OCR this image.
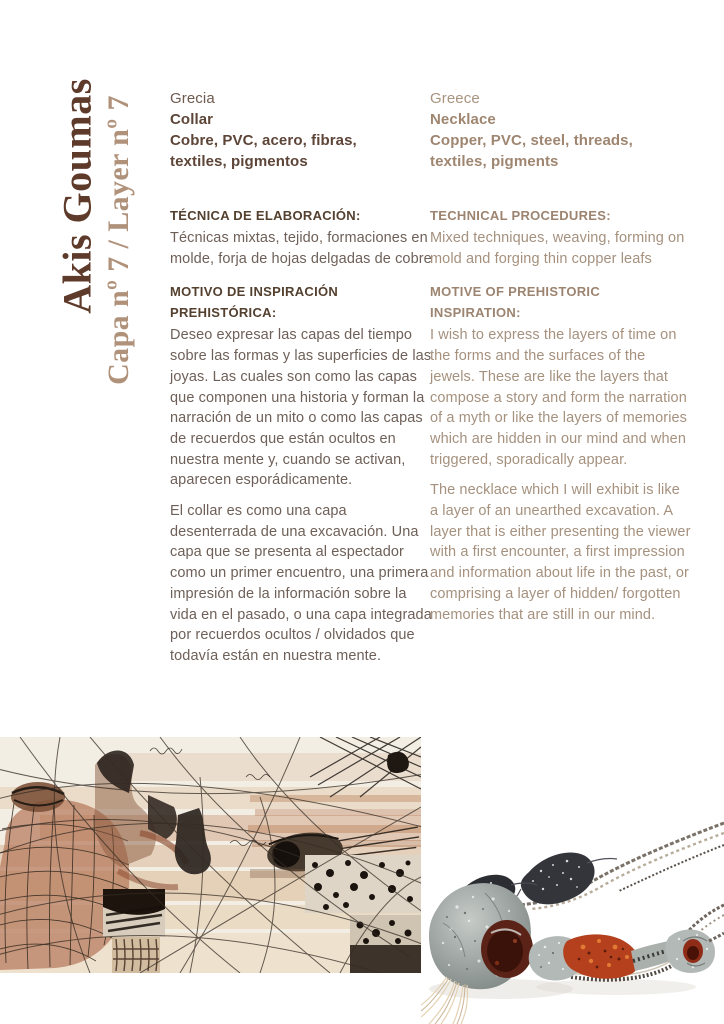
Akis Goumas Capa nº 7 / Layer nº 7 Grecia
Collar
Cobre, PVC, acero, fibras, textiles, pigmentos

TÉCNICA DE ELABORACIÓN:

Técnicas mixtas, tejido, formaciones en molde, forja de hojas delgadas de cobre

MOTIVO DE INSPIRACIÓN PREHISTÓRICA:

Deseo expresar las capas del tiempo sobre las formas y las superficies de las joyas. Las cuales son como las capas que componen una historia y forman la narración de un mito o como las capas de recuerdos que están ocultos en nuestra mente y, cuando se activan, aparecen esporádicamente.

El collar es como una capa desenterrada de una excavación. Una capa que se presenta al espectador como un primer encuentro, una primera impresión de la información sobre la vida en el pasado, o una capa integrada por recuerdos ocultos / olvidados que todavía están en nuestra mente.

Greece
Necklace
Copper, PVC, steel, threads, textiles, pigments

TECHNICAL PROCEDURES:

Mixed techniques, weaving, forming on mold and forging thin copper leafs

MOTIVE OF PREHISTORIC INSPIRATION:

I wish to express the layers of time on the forms and the surfaces of the jewels. These are like the layers that compose a story and form the narration of a myth or like the layers of memories which are hidden in our mind and when triggered, sporadically appear.

The necklace which I will exhibit is like a layer of an unearthed excavation. A layer that is either presenting the viewer with a first encounter, a first impression and information about life in the past, or comprising a layer of hidden/ forgotten memories that are still in our mind.
